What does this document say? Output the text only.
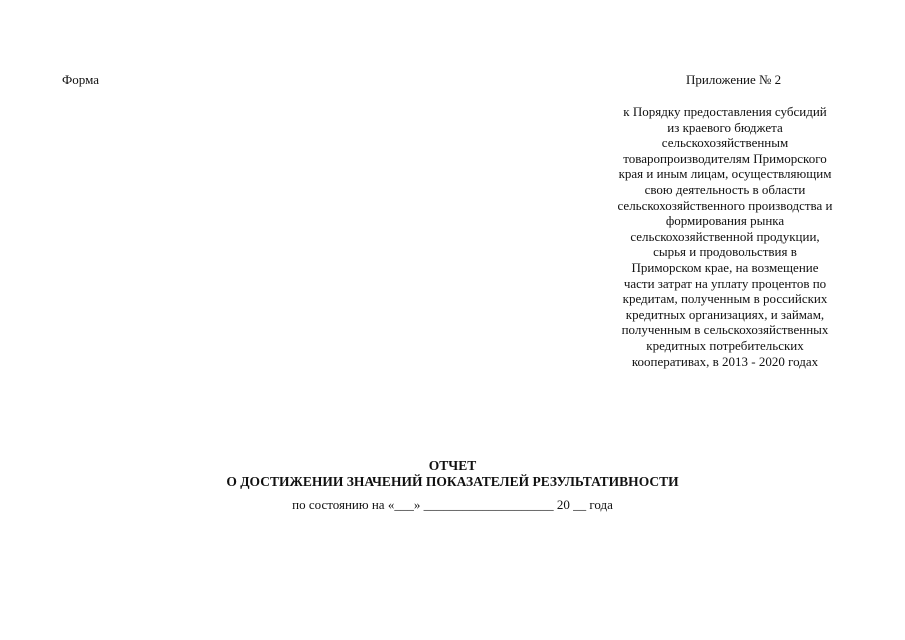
Форма	Приложение № 2
к Порядку предоставления субсидий
из краевого бюджета
сельскохозяйственным
товаропроизводителям Приморского
края и иным лицам, осуществляющим
свою деятельность в области
сельскохозяйственного производства и
формирования рынка
сельскохозяйственной продукции,
сырья и продовольствия в
Приморском крае, на возмещение
части затрат на уплату процентов по
кредитам, полученным в российских
кредитных организациях, и займам,
полученным в сельскохозяйственных
кредитных потребительских
кооперативах, в 2013 - 2020 годах
ОТЧЕТ
О ДОСТИЖЕНИИ ЗНАЧЕНИЙ ПОКАЗАТЕЛЕЙ РЕЗУЛЬТАТИВНОСТИ
по состоянию на «___» ____________________ 20 __ года
